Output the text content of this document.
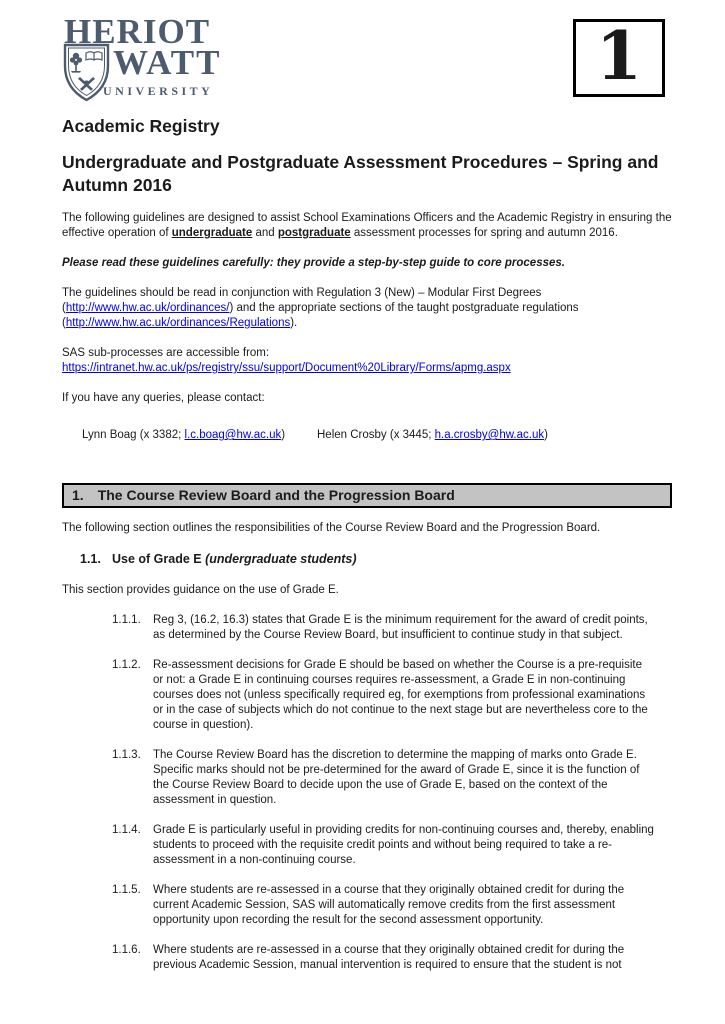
HERIOT
WATT
UNIVERSITY	1
Academic Registry
Undergraduate and Postgraduate Assessment Procedures – Spring and Autumn 2016

The following guidelines are designed to assist School Examinations Officers and the Academic Registry in ensuring the effective operation of undergraduate and postgraduate assessment processes for spring and autumn 2016.

Please read these guidelines carefully: they provide a step-by-step guide to core processes.

The guidelines should be read in conjunction with Regulation 3 (New) – Modular First Degrees (http://www.hw.ac.uk/ordinances/) and the appropriate sections of the taught postgraduate regulations (http://www.hw.ac.uk/ordinances/Regulations).

SAS sub-processes are accessible from:
https://intranet.hw.ac.uk/ps/registry/ssu/support/Document%20Library/Forms/apmg.aspx

If you have any queries, please contact:

Lynn Boag (x 3382; l.c.boag@hw.ac.uk)	Helen Crosby (x 3445; h.a.crosby@hw.ac.uk)
1. The Course Review Board and the Progression Board

The following section outlines the responsibilities of the Course Review Board and the Progression Board.

1.1. Use of Grade E (undergraduate students)

This section provides guidance on the use of Grade E.

1.1.1.	Reg 3, (16.2, 16.3) states that Grade E is the minimum requirement for the award of credit points, as determined by the Course Review Board, but insufficient to continue study in that subject.
1.1.2.	Re-assessment decisions for Grade E should be based on whether the Course is a pre-requisite or not: a Grade E in continuing courses requires re-assessment, a Grade E in non-continuing courses does not (unless specifically required eg, for exemptions from professional examinations or in the case of subjects which do not continue to the next stage but are nevertheless core to the course in question).
1.1.3.	The Course Review Board has the discretion to determine the mapping of marks onto Grade E. Specific marks should not be pre-determined for the award of Grade E, since it is the function of the Course Review Board to decide upon the use of Grade E, based on the context of the assessment in question.
1.1.4.	Grade E is particularly useful in providing credits for non-continuing courses and, thereby, enabling students to proceed with the requisite credit points and without being required to take a re-assessment in a non-continuing course.
1.1.5.	Where students are re-assessed in a course that they originally obtained credit for during the current Academic Session, SAS will automatically remove credits from the first assessment opportunity upon recording the result for the second assessment opportunity.
1.1.6.	Where students are re-assessed in a course that they originally obtained credit for during the previous Academic Session, manual intervention is required to ensure that the student is not
